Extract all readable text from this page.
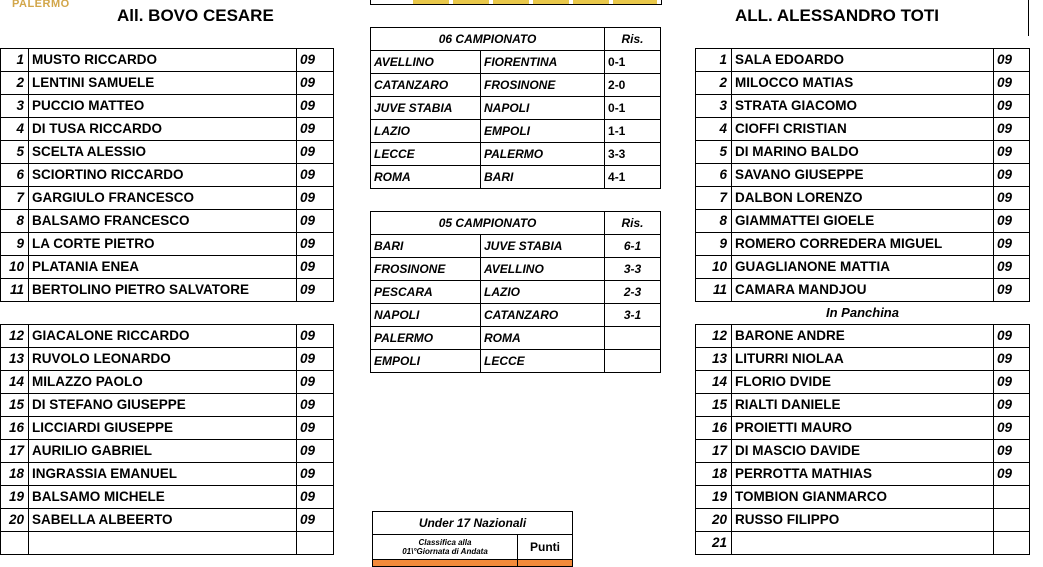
PALERMO
All. BOVO CESARE	ALL. ALESSANDRO TOTI
1	MUSTO RICCARDO	09
2	LENTINI SAMUELE	09
3	PUCCIO MATTEO	09
4	DI TUSA RICCARDO	09
5	SCELTA ALESSIO	09
6	SCIORTINO RICCARDO	09
7	GARGIULO FRANCESCO	09
8	BALSAMO FRANCESCO	09
9	LA CORTE PIETRO	09
10	PLATANIA ENEA	09
11	BERTOLINO PIETRO SALVATORE	09

12	GIACALONE RICCARDO	09
13	RUVOLO LEONARDO	09
14	MILAZZO PAOLO	09
15	DI STEFANO GIUSEPPE	09
16	LICCIARDI GIUSEPPE	09
17	AURILIO GABRIEL	09
18	INGRASSIA EMANUEL	09
19	BALSAMO MICHELE	09
20	SABELLA ALBEERTO	09

1	SALA EDOARDO	09
2	MILOCCO MATIAS	09
3	STRATA GIACOMO	09
4	CIOFFI CRISTIAN	09
5	DI MARINO BALDO	09
6	SAVANO GIUSEPPE	09
7	DALBON LORENZO	09
8	GIAMMATTEI GIOELE	09
9	ROMERO CORREDERA MIGUEL	09
10	GUAGLIANONE MATTIA	09
11	CAMARA MANDJOU	09
In Panchina		
12	BARONE ANDRE	09
13	LITURRI NIOLAA	09
14	FLORIO DVIDE	09
15	RIALTI DANIELE	09
16	PROIETTI MAURO	09
17	DI MASCIO DAVIDE	09
18	PERROTTA MATHIAS	09
19	TOMBION GIANMARCO	
20	RUSSO FILIPPO	
21		
06 CAMPIONATO		Ris.
AVELLINO	FIORENTINA	0-1
CATANZARO	FROSINONE	2-0
JUVE STABIA	NAPOLI	0-1
LAZIO	EMPOLI	1-1
LECCE	PALERMO	3-3
ROMA	BARI	4-1
05 CAMPIONATO		Ris.
BARI	JUVE STABIA	6-1
FROSINONE	AVELLINO	3-3
PESCARA	LAZIO	2-3
NAPOLI	CATANZARO	3-1
PALERMO	ROMA	
EMPOLI	LECCE	
Under 17 Nazionali	

Classifica alla
01\°Giornata di Andata	Punti
